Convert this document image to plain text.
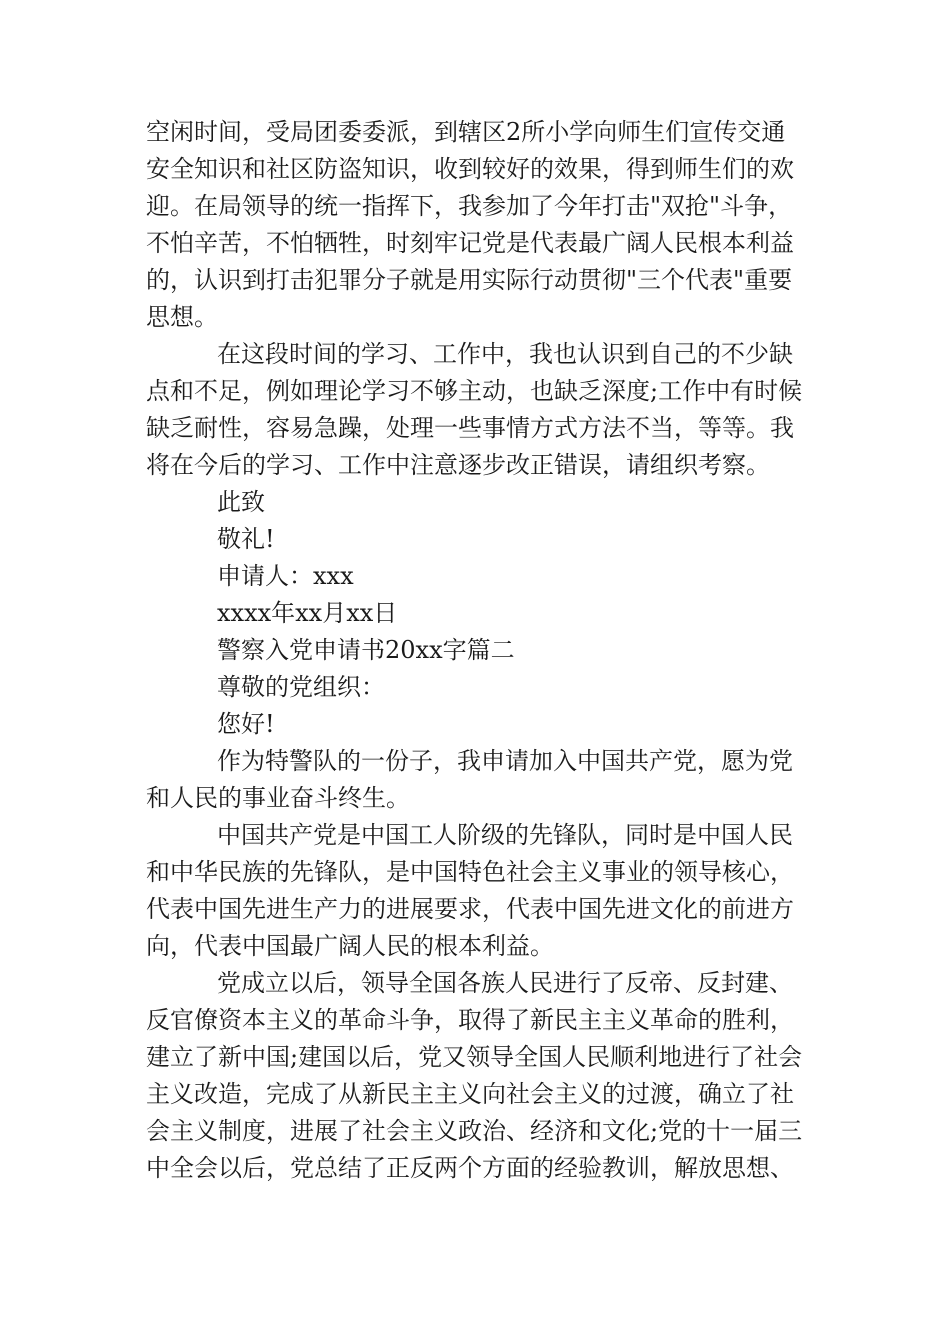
空闲时间，受局团委委派，到辖区2所小学向师生们宣传交通
安全知识和社区防盗知识，收到较好的效果，得到师生们的欢
迎。在局领导的统一指挥下，我参加了今年打击"双抢"斗争，
不怕辛苦，不怕牺牲，时刻牢记党是代表最广阔人民根本利益
的，认识到打击犯罪分子就是用实际行动贯彻"三个代表"重要
思想。
在这段时间的学习、工作中，我也认识到自己的不少缺
点和不足，例如理论学习不够主动，也缺乏深度;工作中有时候
缺乏耐性，容易急躁，处理一些事情方式方法不当，等等。我
将在今后的学习、工作中注意逐步改正错误，请组织考察。
此致
敬礼!
申请人：xxx
xxxx年xx月xx日
警察入党申请书20xx字篇二
尊敬的党组织：
您好!
作为特警队的一份子，我申请加入中国共产党，愿为党
和人民的事业奋斗终生。
中国共产党是中国工人阶级的先锋队，同时是中国人民
和中华民族的先锋队，是中国特色社会主义事业的领导核心，
代表中国先进生产力的进展要求，代表中国先进文化的前进方
向，代表中国最广阔人民的根本利益。
党成立以后，领导全国各族人民进行了反帝、反封建、
反官僚资本主义的革命斗争，取得了新民主主义革命的胜利，
建立了新中国;建国以后，党又领导全国人民顺利地进行了社会
主义改造，完成了从新民主主义向社会主义的过渡，确立了社
会主义制度，进展了社会主义政治、经济和文化;党的十一届三
中全会以后，党总结了正反两个方面的经验教训，解放思想、
